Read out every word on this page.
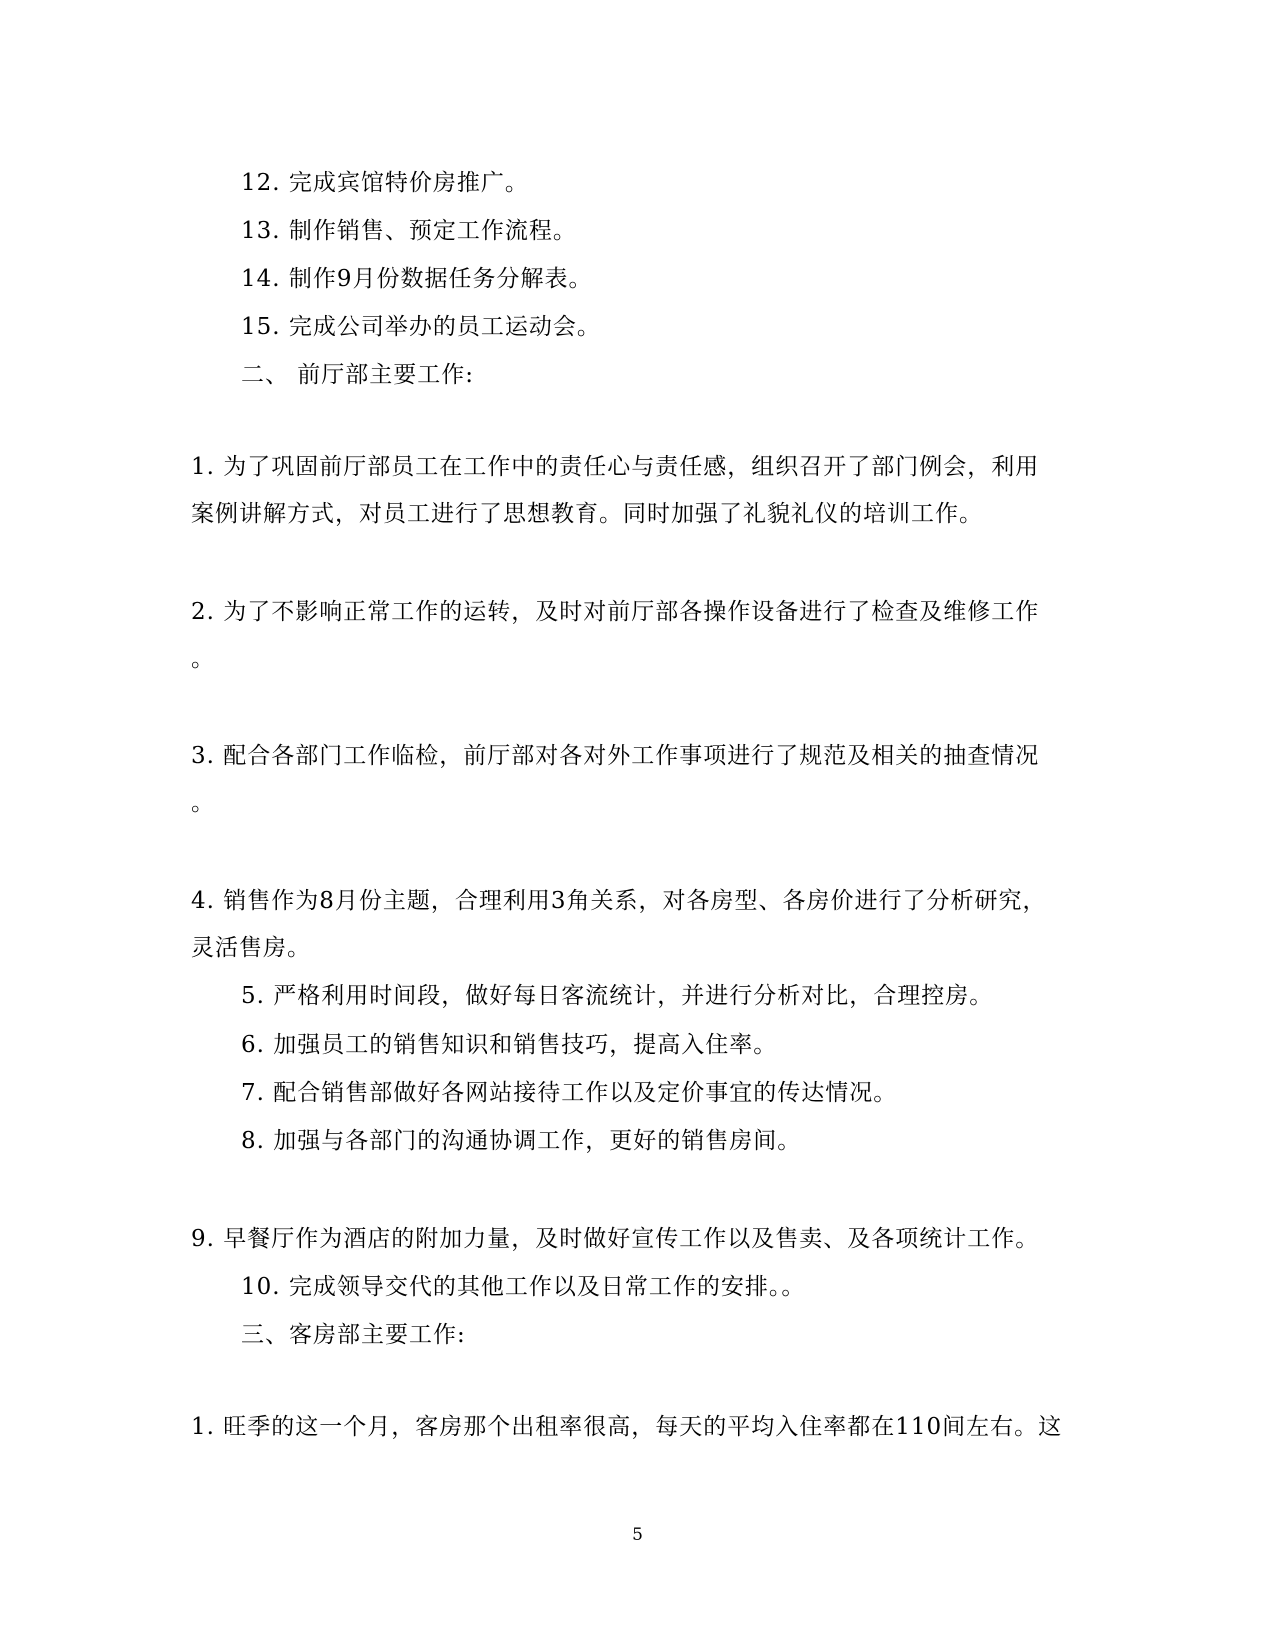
12. 完成宾馆特价房推广。
13. 制作销售、预定工作流程。
14. 制作9月份数据任务分解表。
15. 完成公司举办的员工运动会。
二、 前厅部主要工作:
1. 为了巩固前厅部员工在工作中的责任心与责任感，组织召开了部门例会，利用
案例讲解方式，对员工进行了思想教育。同时加强了礼貌礼仪的培训工作。
2. 为了不影响正常工作的运转，及时对前厅部各操作设备进行了检查及维修工作
。
3. 配合各部门工作临检，前厅部对各对外工作事项进行了规范及相关的抽查情况
。
4. 销售作为8月份主题，合理利用3角关系，对各房型、各房价进行了分析研究，
灵活售房。
5. 严格利用时间段，做好每日客流统计，并进行分析对比，合理控房。
6. 加强员工的销售知识和销售技巧，提高入住率。
7. 配合销售部做好各网站接待工作以及定价事宜的传达情况。
8. 加强与各部门的沟通协调工作，更好的销售房间。
9. 早餐厅作为酒店的附加力量，及时做好宣传工作以及售卖、及各项统计工作。
10. 完成领导交代的其他工作以及日常工作的安排。。
三、客房部主要工作:
1. 旺季的这一个月，客房那个出租率很高，每天的平均入住率都在110间左右。这
5
